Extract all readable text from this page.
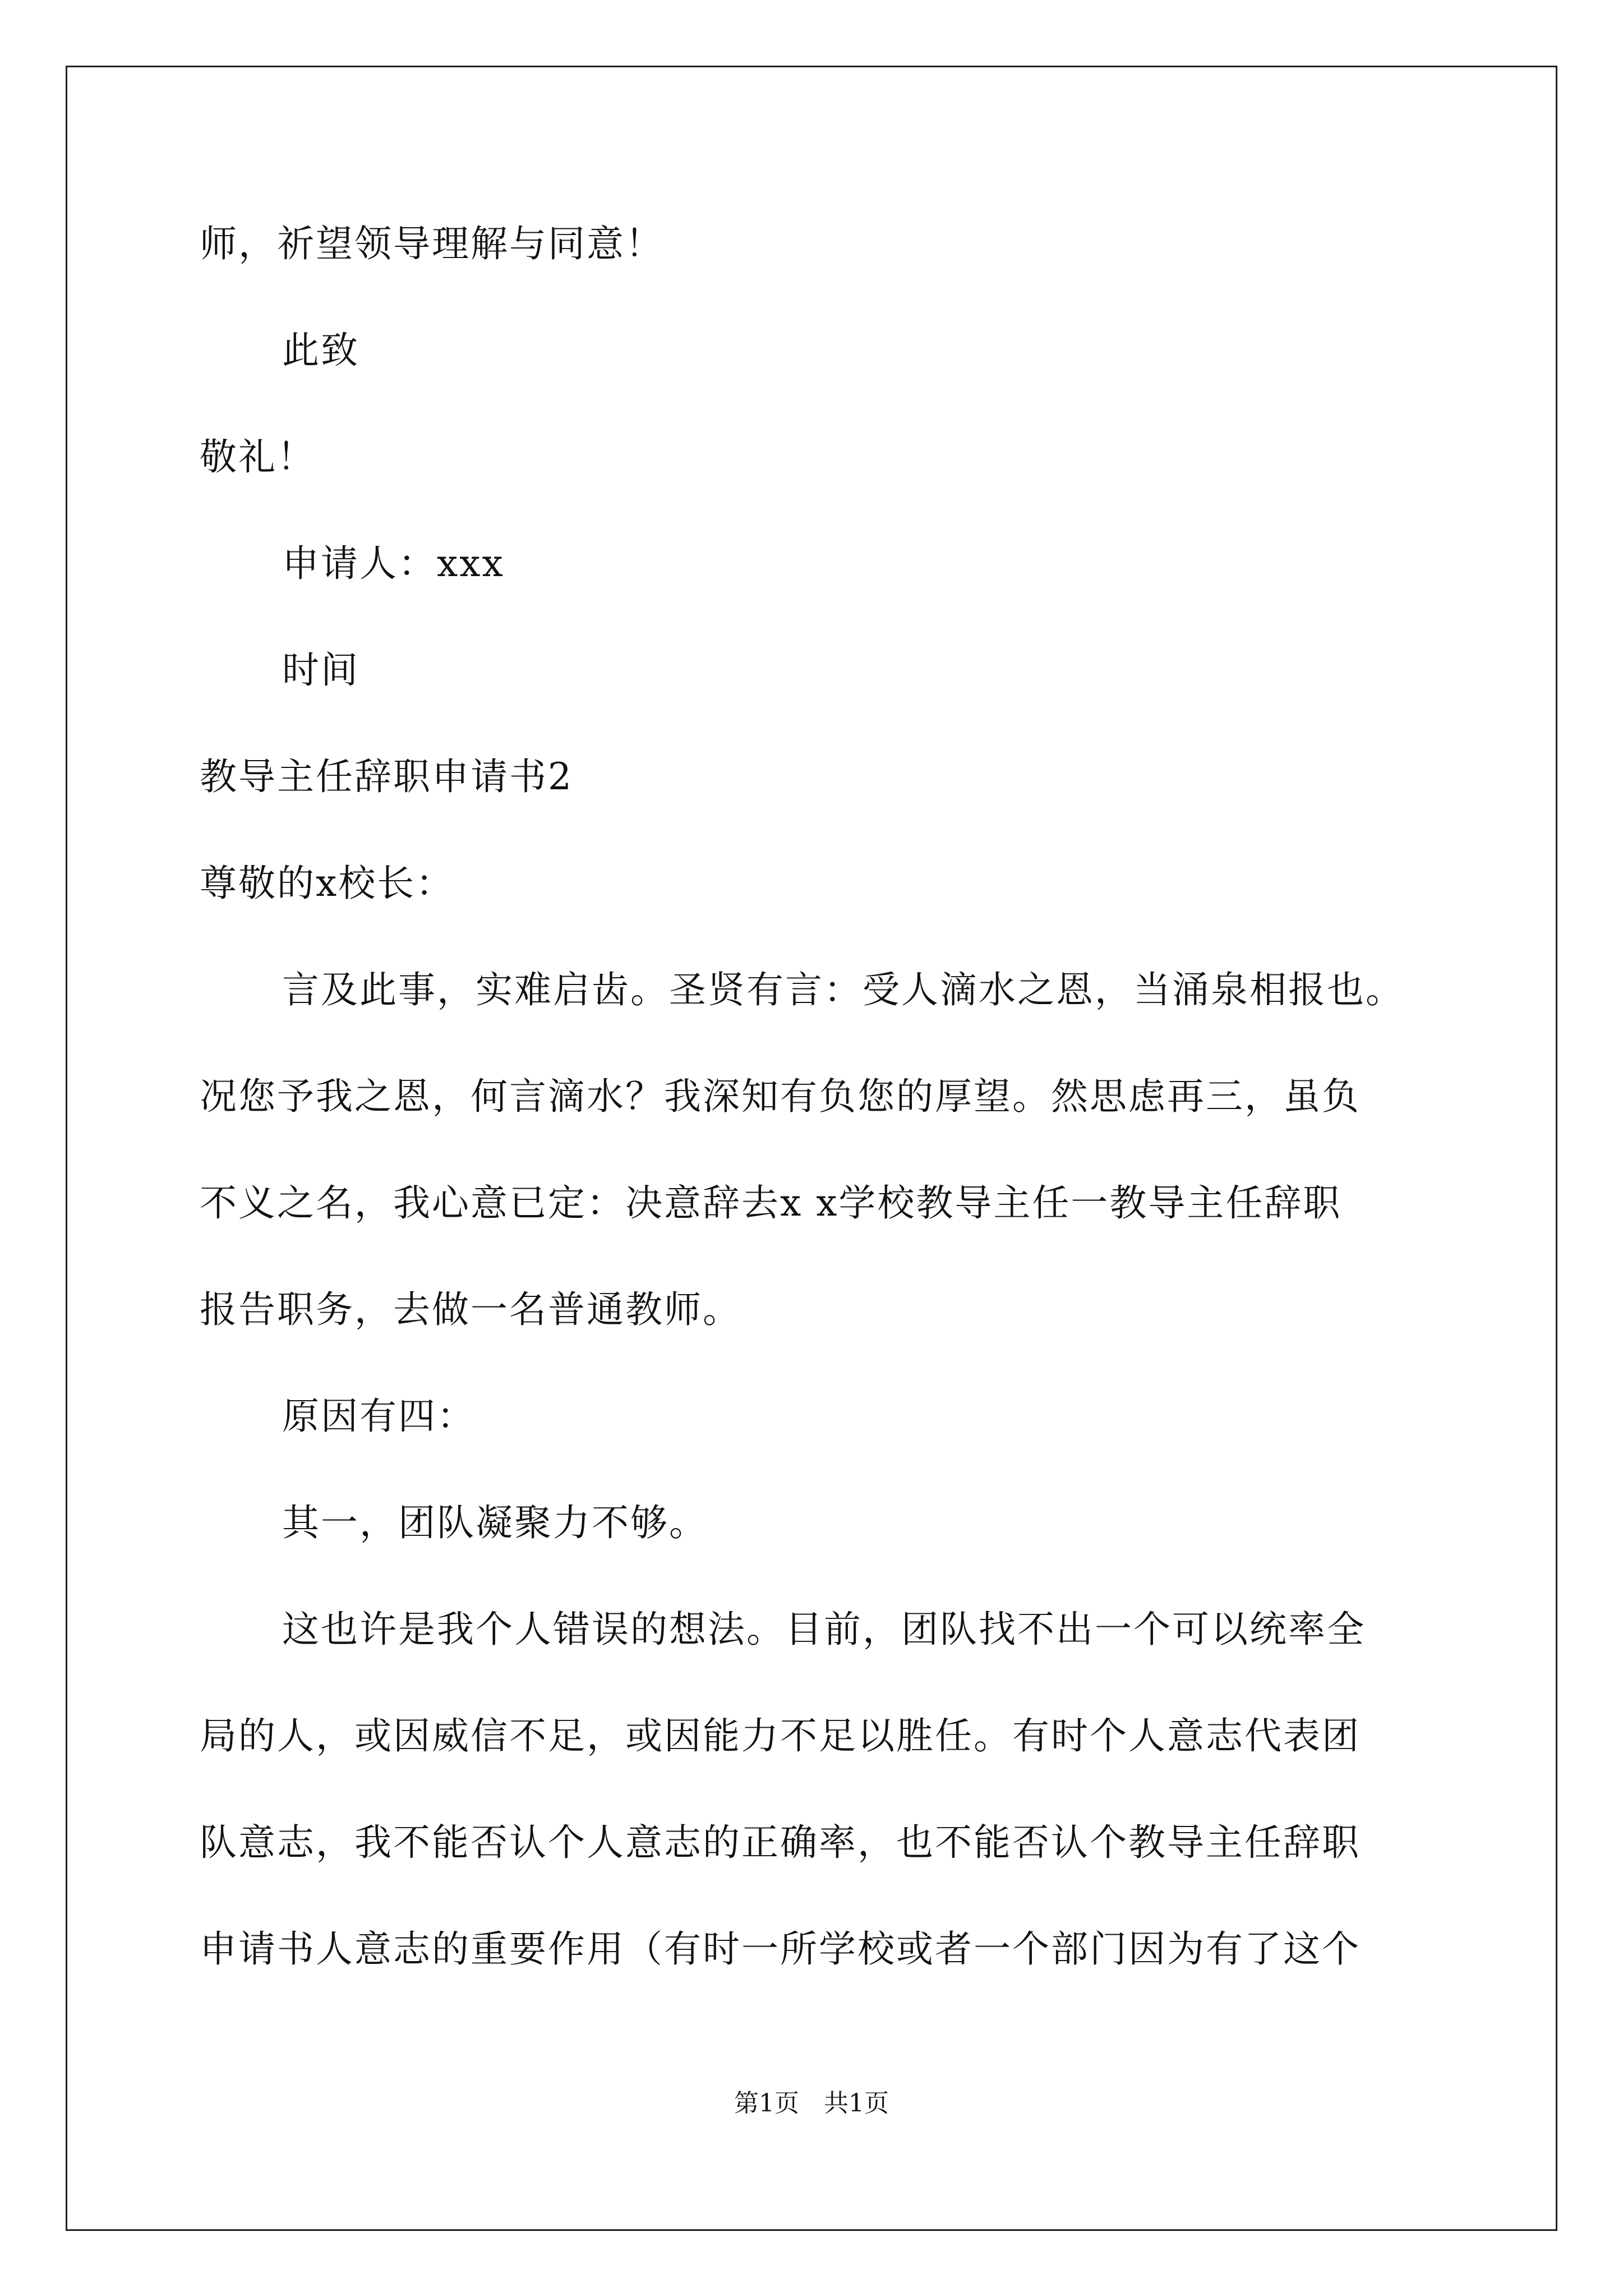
师，祈望领导理解与同意！
此致
敬礼！
申请人：xxx
时间
教导主任辞职申请书2
尊敬的x校长：
言及此事，实难启齿。圣贤有言：受人滴水之恩，当涌泉相报也。
况您予我之恩，何言滴水？我深知有负您的厚望。然思虑再三，虽负
不义之名，我心意已定：决意辞去x x学校教导主任一教导主任辞职
报告职务，去做一名普通教师。
原因有四：
其一，团队凝聚力不够。
这也许是我个人错误的想法。目前，团队找不出一个可以统率全
局的人，或因威信不足，或因能力不足以胜任。有时个人意志代表团
队意志，我不能否认个人意志的正确率，也不能否认个教导主任辞职
申请书人意志的重要作用（有时一所学校或者一个部门因为有了这个
第1页　共1页
